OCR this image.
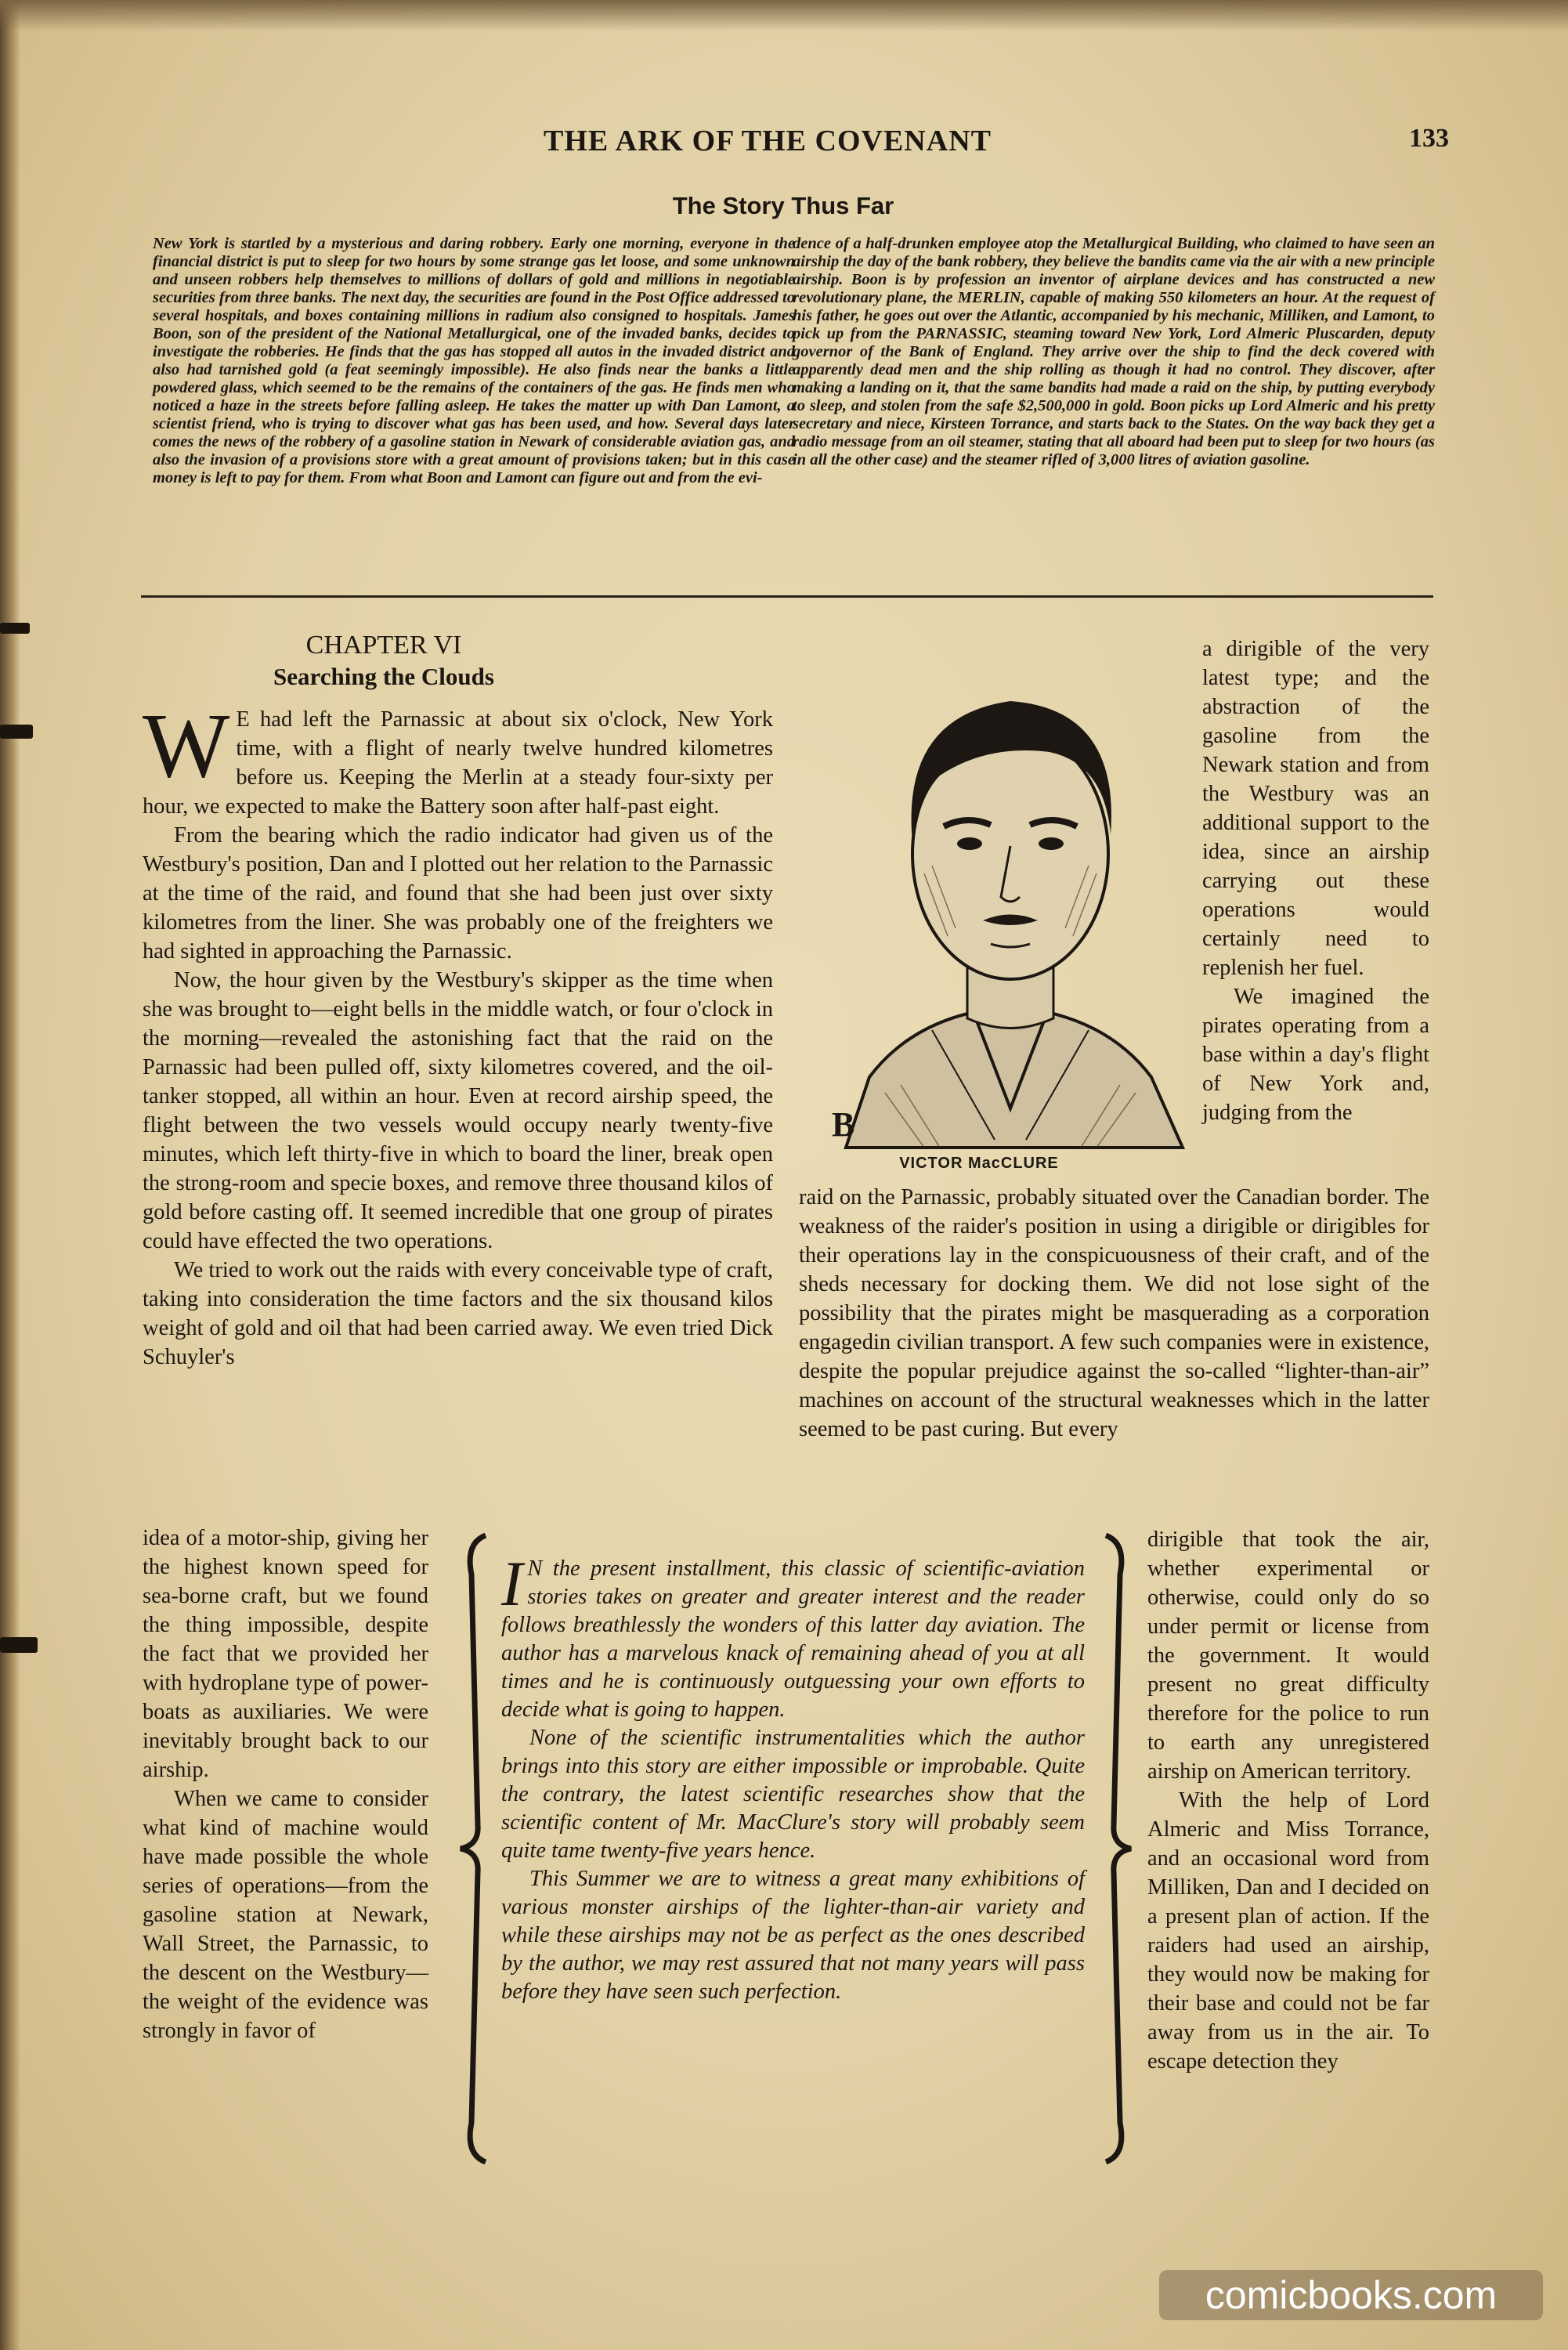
THE ARK OF THE COVENANT	133
The Story Thus Far
New York is startled by a mysterious and daring robbery. Early one morning, everyone in the financial district is put to sleep for two hours by some strange gas let loose, and some unknown and unseen robbers help themselves to millions of dollars of gold and millions in negotiable securities from three banks. The next day, the securities are found in the Post Office addressed to several hospitals, and boxes containing millions in radium also consigned to hospitals. James Boon, son of the president of the National Metallurgical, one of the invaded banks, decides to investigate the robberies. He finds that the gas has stopped all autos in the invaded district and also had tarnished gold (a feat seemingly impossible). He also finds near the banks a little powdered glass, which seemed to be the remains of the containers of the gas. He finds men who noticed a haze in the streets before falling asleep. He takes the matter up with Dan Lamont, a scientist friend, who is trying to discover what gas has been used, and how. Several days later comes the news of the robbery of a gasoline station in Newark of considerable aviation gas, and also the invasion of a provisions store with a great amount of provisions taken; but in this case money is left to pay for them. From what Boon and Lamont can figure out and from the evi-
dence of a half-drunken employee atop the Metallurgical Building, who claimed to have seen an airship the day of the bank robbery, they believe the bandits came via the air with a new principle airship. Boon is by profession an inventor of airplane devices and has constructed a new revolutionary plane, the MERLIN, capable of making 550 kilometers an hour. At the request of his father, he goes out over the Atlantic, accompanied by his mechanic, Milliken, and Lamont, to pick up from the PARNASSIC, steaming toward New York, Lord Almeric Pluscarden, deputy governor of the Bank of England. They arrive over the ship to find the deck covered with apparently dead men and the ship rolling as though it had no control. They discover, after making a landing on it, that the same bandits had made a raid on the ship, by putting everybody to sleep, and stolen from the safe $2,500,000 in gold. Boon picks up Lord Almeric and his pretty secretary and niece, Kirsteen Torrance, and starts back to the States. On the way back they get a radio message from an oil steamer, stating that all aboard had been put to sleep for two hours (as in all the other case) and the steamer rifled of 3,000 litres of aviation gasoline.
CHAPTER VI
Searching the Clouds

W E had left the Parnassic at about six o'clock, New York time, with a flight of nearly twelve hundred kilometres before us. Keeping the Merlin at a steady four-sixty per hour, we expected to make the Battery soon after half-past eight.

From the bearing which the radio indicator had given us of the Westbury's position, Dan and I plotted out her relation to the Parnassic at the time of the raid, and found that she had been just over sixty kilometres from the liner. She was probably one of the freighters we had sighted in approaching the Parnassic.

Now, the hour given by the Westbury's skipper as the time when she was brought to—eight bells in the middle watch, or four o'clock in the morning—revealed the astonishing fact that the raid on the Parnassic had been pulled off, sixty kilometres covered, and the oil-tanker stopped, all within an hour. Even at record airship speed, the flight between the two vessels would occupy nearly twenty-five minutes, which left thirty-five in which to board the liner, break open the strong-room and specie boxes, and remove three thousand kilos of gold before casting off. It seemed incredible that one group of pirates could have effected the two operations.

We tried to work out the raids with every conceivable type of craft, taking into consideration the time factors and the six thousand kilos weight of gold and oil that had been carried away. We even tried Dick Schuyler's

idea of a motor-ship, giving her the highest known speed for sea-borne craft, but we found the thing impossible, despite the fact that we provided her with hydroplane type of power-boats as auxiliaries. We were inevitably brought back to our airship.

When we came to consider what kind of machine would have made possible the whole series of operations—from the gasoline station at Newark, Wall Street, the Parnassic, to the descent on the Westbury—the weight of the evidence was strongly in favor of

B
VICTOR MacCLURE

a dirigible of the very latest type; and the abstraction of the gasoline from the Newark station and from the Westbury was an additional support to the idea, since an airship carrying out these operations would certainly need to replenish her fuel.

We imagined the pirates operating from a base within a day's flight of New York and, judging from the

raid on the Parnassic, probably situated over the Canadian border. The weakness of the raider's position in using a dirigible or dirigibles for their operations lay in the conspicuousness of their craft, and of the sheds necessary for docking them. We did not lose sight of the possibility that the pirates might be masquerading as a corporation engagedin civilian transport. A few such companies were in existence, despite the popular prejudice against the so-called “lighter-than-air” machines on account of the structural weaknesses which in the latter seemed to be past curing. But every

dirigible that took the air, whether experimental or otherwise, could only do so under permit or license from the government. It would present no great difficulty therefore for the police to run to earth any unregistered airship on American territory.

With the help of Lord Almeric and Miss Torrance, and an occasional word from Milliken, Dan and I decided on a present plan of action. If the raiders had used an airship, they would now be making for their base and could not be far away from us in the air. To escape detection they

I N the present installment, this classic of scientific-aviation stories takes on greater and greater interest and the reader follows breathlessly the wonders of this latter day aviation. The author has a marvelous knack of remaining ahead of you at all times and he is continuously outguessing your own efforts to decide what is going to happen.

None of the scientific instrumentalities which the author brings into this story are either impossible or improbable. Quite the contrary, the latest scientific researches show that the scientific content of Mr. MacClure's story will probably seem quite tame twenty-five years hence.

This Summer we are to witness a great many exhibitions of various monster airships of the lighter-than-air variety and while these airships may not be as perfect as the ones described by the author, we may rest assured that not many years will pass before they have seen such perfection.

comicbooks.com
